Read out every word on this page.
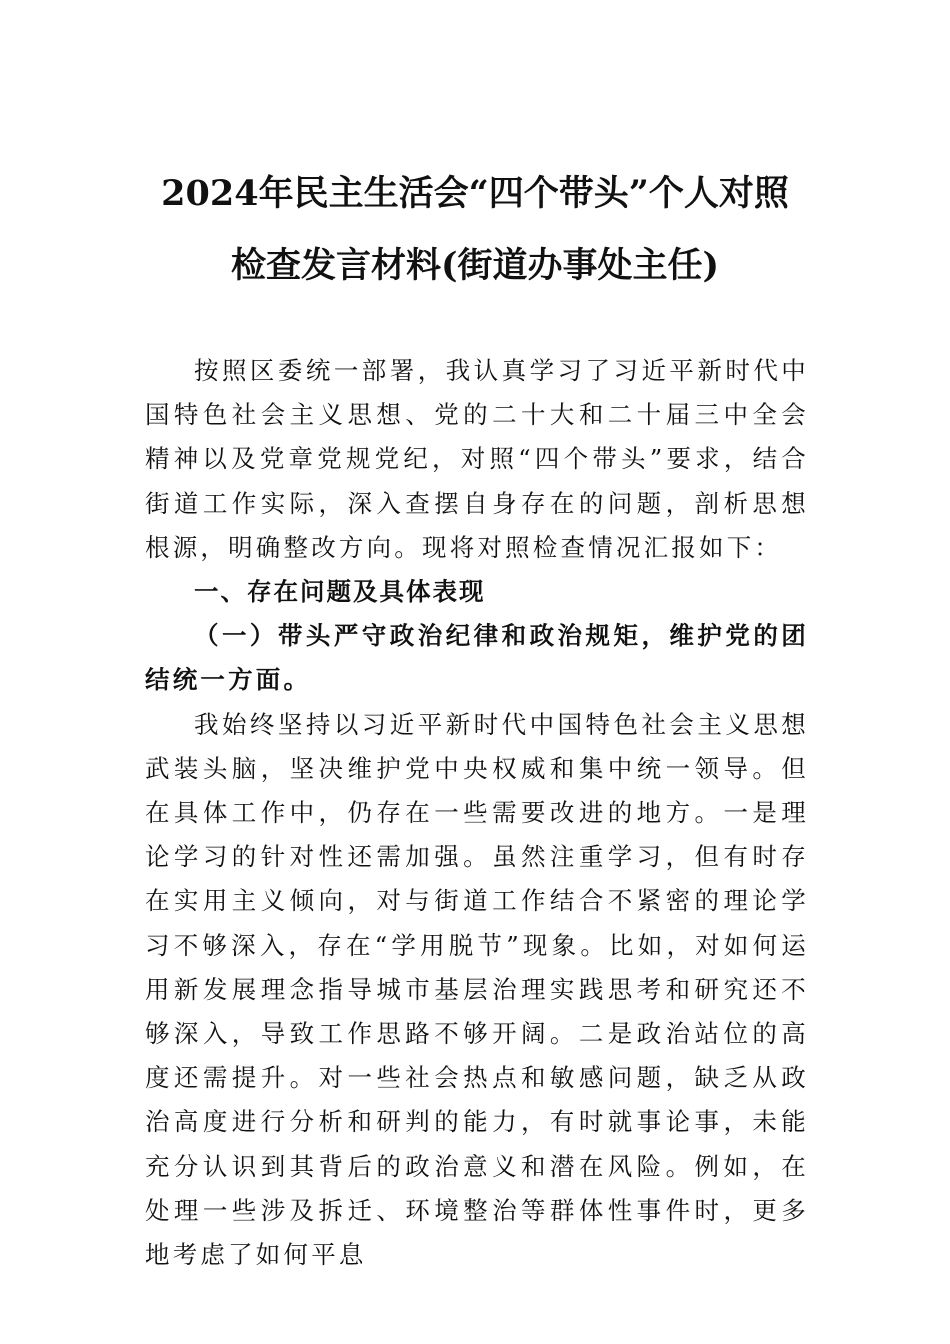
2024年民主生活会“四个带头”个人对照
检查发言材料(街道办事处主任)

按照区委统一部署，我认真学习了习近平新时代中国特色社会主义思想、党的二十大和二十届三中全会精神以及党章党规党纪，对照“四个带头”要求，结合街道工作实际，深入查摆自身存在的问题，剖析思想根源，明确整改方向。现将对照检查情况汇报如下：

一、存在问题及具体表现

（一）带头严守政治纪律和政治规矩，维护党的团结统一方面。

我始终坚持以习近平新时代中国特色社会主义思想武装头脑，坚决维护党中央权威和集中统一领导。但在具体工作中，仍存在一些需要改进的地方。一是理论学习的针对性还需加强。虽然注重学习，但有时存在实用主义倾向，对与街道工作结合不紧密的理论学习不够深入，存在“学用脱节”现象。比如，对如何运用新发展理念指导城市基层治理实践思考和研究还不够深入，导致工作思路不够开阔。二是政治站位的高度还需提升。对一些社会热点和敏感问题，缺乏从政治高度进行分析和研判的能力，有时就事论事，未能充分认识到其背后的政治意义和潜在风险。例如，在处理一些涉及拆迁、环境整治等群体性事件时，更多地考虑了如何平息
